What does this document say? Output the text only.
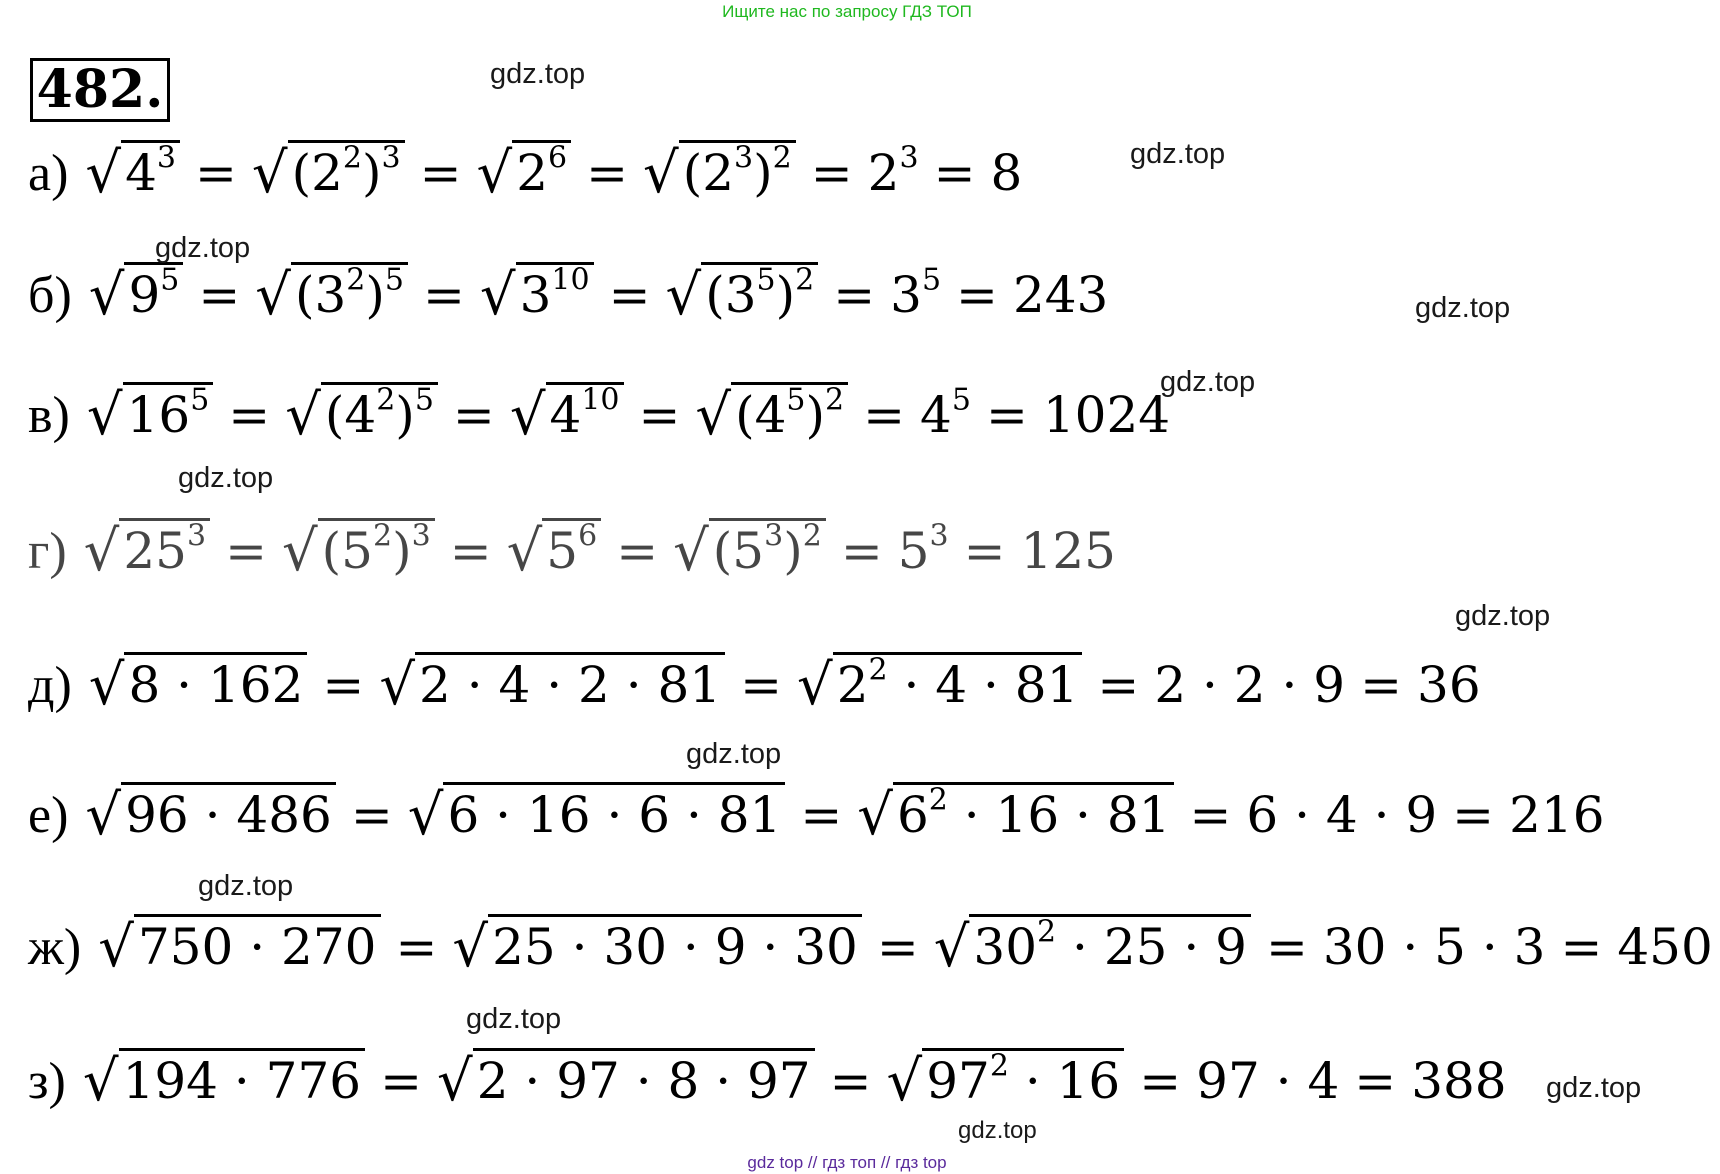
Ищите нас по запросу ГДЗ ТОП
482.
а) $√4^3 = √(2^2)^3 = √2^6 = √(2^3)^2 = 2^3 = 8$
б) $√9^5 = √(3^2)^5 = √3^{10} = √(3^5)^2 = 3^5 = 243$
в) $√16^5 = √(4^2)^5 = √4^{10} = √(4^5)^2 = 4^5 = 1024$
г) $√25^3 = √(5^2)^3 = √5^6 = √(5^3)^2 = 5^3 = 125$
д) $√8 \cdot 162 = √2 \cdot 4 \cdot 2 \cdot 81 = √2^2 \cdot 4 \cdot 81 = 2 \cdot 2 \cdot 9 = 36$
е) $√96 \cdot 486 = √6 \cdot 16 \cdot 6 \cdot 81 = √6^2 \cdot 16 \cdot 81 = 6 \cdot 4 \cdot 9 = 216$
ж) $√750 \cdot 270 = √25 \cdot 30 \cdot 9 \cdot 30 = √30^2 \cdot 25 \cdot 9 = 30 \cdot 5 \cdot 3 = 450$
з) $√194 \cdot 776 = √2 \cdot 97 \cdot 8 \cdot 97 = √97^2 \cdot 16 = 97 \cdot 4 = 388$
gdz.top
gdz.top
gdz.top
gdz.top
gdz.top
gdz.top
gdz.top
gdz.top
gdz.top
gdz.top
gdz.top
gdz.top
gdz top // гдз топ // гдз top
